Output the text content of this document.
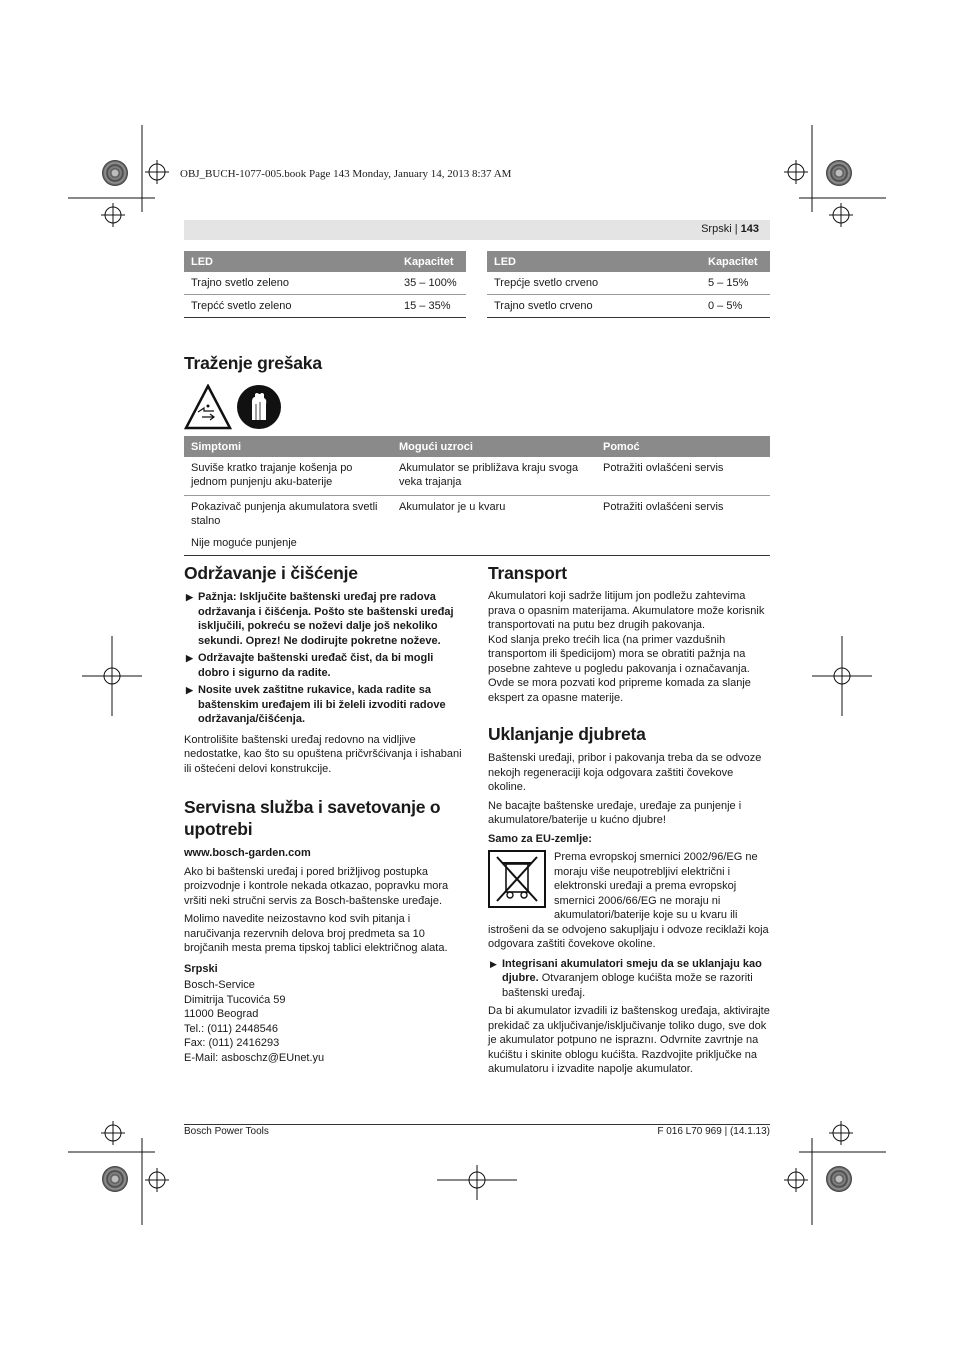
OBJ_BUCH-1077-005.book Page 143 Monday, January 14, 2013 8:37 AM
Srpski | 143
LED	Kapacitet
Trajno svetlo zeleno	35 – 100%
Trepćć svetlo zeleno	15 – 35%
LED	Kapacitet
Trepćje svetlo crveno	5 – 15%
Trajno svetlo crveno	0 – 5%
Traženje grešaka
Simptomi	Mogući uzroci	Pomoć
Suviše kratko trajanje košenja po jednom punjenju aku-baterije	Akumulator se približava kraju svoga veka trajanja	Potražiti ovlašćeni servis
Pokazivač punjenja akumulatora svetli stalno	Akumulator je u kvaru	Potražiti ovlašćeni servis
Nije moguće punjenje		
Održavanje i čišćenje

▶ Pažnja: Isključite baštenski uređaj pre radova održavanja i čišćenja. Pošto ste baštenski uređaj isključili, pokreću se noževi dalje još nekoliko sekundi. Oprez! Ne dodirujte pokretne noževe.

▶ Održavajte baštenski uređač čist, da bi mogli dobro i sigurno da radite.

▶ Nosite uvek zaštitne rukavice, kada radite sa baštenskim uređajem ili bi želeli izvoditi radove održavanja/čišćenja.

Kontrolišite baštenski uređaj redovno na vidljive nedostatke, kao što su opuštena pričvršćivanja i ishabani ili oštećeni delovi konstrukcije.

Servisna služba i savetovanje o upotrebi

www.bosch-garden.com

Ako bi baštenski uređaj i pored brižljivog postupka proizvodnje i kontrole nekada otkazao, popravku mora vršiti neki stručni servis za Bosch-baštenske uređaje.

Molimo navedite neizostavno kod svih pitanja i naručivanja rezervnih delova broj predmeta sa 10 brojčanih mesta prema tipskoj tablici električnog alata.

Srpski

Bosch-Service

Dimitrija Tucovića 59

11000 Beograd

Tel.: (011) 2448546

Fax: (011) 2416293

E-Mail: asboschz@EUnet.yu

Transport

Akumulatori koji sadrže litijum jon podležu zahtevima prava o opasnim materijama. Akumulatore može korisnik transportovati na putu bez drugih pakovanja.

Kod slanja preko trećih lica (na primer vazdušnih transportom ili špedicijom) mora se obratiti pažnja na posebne zahteve u pogledu pakovanja i označavanja. Ovde se mora pozvati kod pripreme komada za slanje ekspert za opasne materije.

Uklanjanje djubreta

Baštenski uređaji, pribor i pakovanja treba da se odvoze nekojh regeneraciji koja odgovara zaštiti čovekove okoline.

Ne bacajte baštenske uređaje, uređaje za punjenje i akumulatore/baterije u kućno djubre!

Samo za EU-zemlje:

Prema evropskoj smernici 2002/96/EG ne moraju više neupotrebljivi električni i elektronski uređaji a prema evropskoj smernici 2006/66/EG ne moraju ni akumulatori/baterije koje su u kvaru ili istrošeni da se odvojeno sakupljaju i odvoze reciklaži koja odgovara zaštiti čovekove okoline.

▶ Integrisani akumulatori smeju da se uklanjaju kao djubre. Otvaranjem obloge kućišta može se razoriti baštenski uređaj.

Da bi akumulator izvadili iz baštenskog uređaja, aktivirajte prekidač za uključivanje/isključivanje toliko dugo, sve dok je akumulator potpuno ne ispraznı. Odvrnite zavrtnje na kućištu i skinite oblogu kućišta. Razdvojite priključke na akumulatoru i izvadite napolje akumulator.

Bosch Power Tools	F 016 L70 969 | (14.1.13)
